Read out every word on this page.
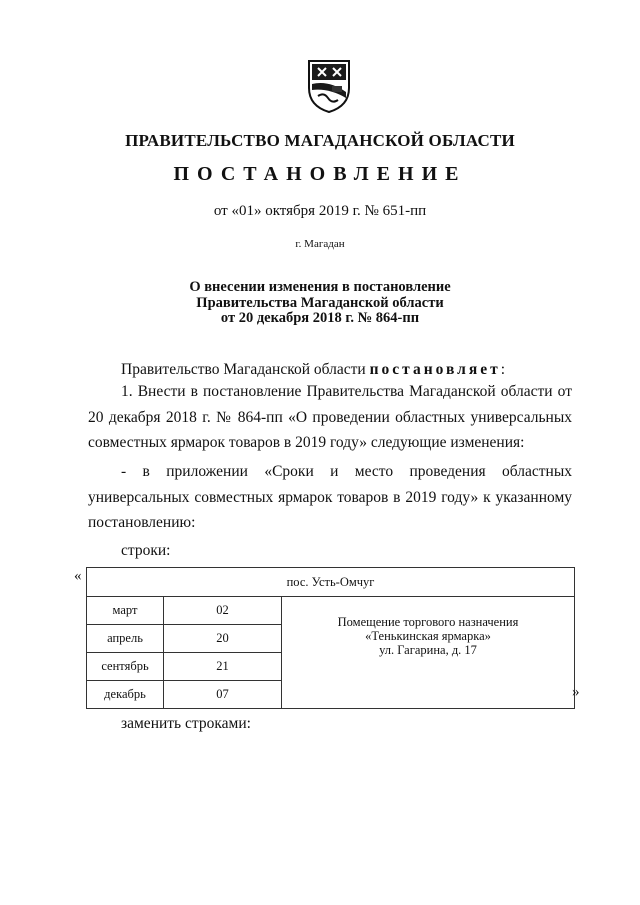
ПРАВИТЕЛЬСТВО МАГАДАНСКОЙ ОБЛАСТИ
ПОСТАНОВЛЕНИЕ
от «01» октября 2019 г. № 651-пп
г. Магадан
О внесении изменения в постановление
Правительства Магаданской области
от 20 декабря 2018 г. № 864-пп
Правительство Магаданской области постановляет:
1. Внести в постановление Правительства Магаданской области от 20 декабря 2018 г. № 864-пп «О проведении областных универсальных совместных ярмарок товаров в 2019 году» следующие изменения:
- в приложении «Сроки и место проведения областных универсальных совместных ярмарок товаров в 2019 году» к указанному постановлению:
строки:
«	пос. Усть-Омчуг		
март	02	Помещение торгового назначения
«Тенькинская ярмарка»
ул. Гагарина, д. 17

апрель	20	
сентябрь	21	
декабрь	07		»
заменить строками:
